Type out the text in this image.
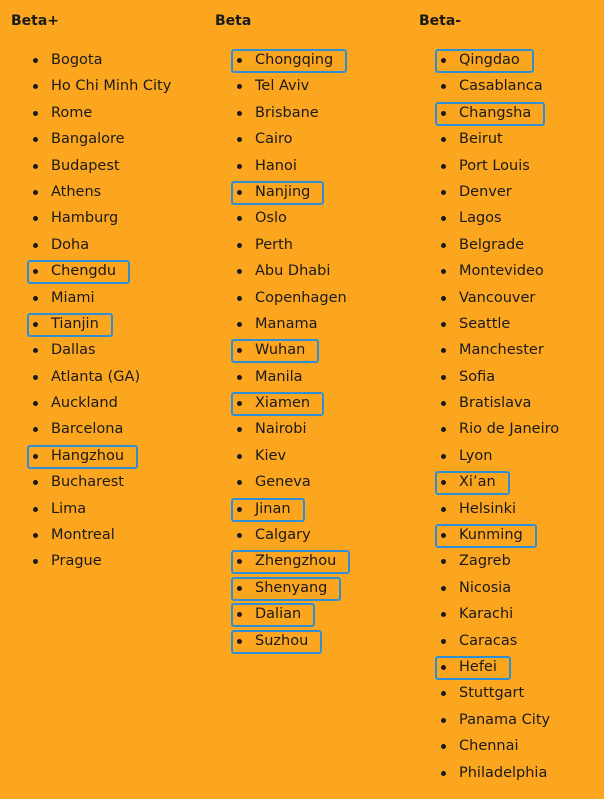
Beta+
Bogota
Ho Chi Minh City
Rome
Bangalore
Budapest
Athens
Hamburg
Doha
Chengdu
Miami
Tianjin
Dallas
Atlanta (GA)
Auckland
Barcelona
Hangzhou
Bucharest
Lima
Montreal
Prague
Beta
Chongqing
Tel Aviv
Brisbane
Cairo
Hanoi
Nanjing
Oslo
Perth
Abu Dhabi
Copenhagen
Manama
Wuhan
Manila
Xiamen
Nairobi
Kiev
Geneva
Jinan
Calgary
Zhengzhou
Shenyang
Dalian
Suzhou
Beta-
Qingdao
Casablanca
Changsha
Beirut
Port Louis
Denver
Lagos
Belgrade
Montevideo
Vancouver
Seattle
Manchester
Sofia
Bratislava
Rio de Janeiro
Lyon
Xi’an
Helsinki
Kunming
Zagreb
Nicosia
Karachi
Caracas
Hefei
Stuttgart
Panama City
Chennai
Philadelphia
